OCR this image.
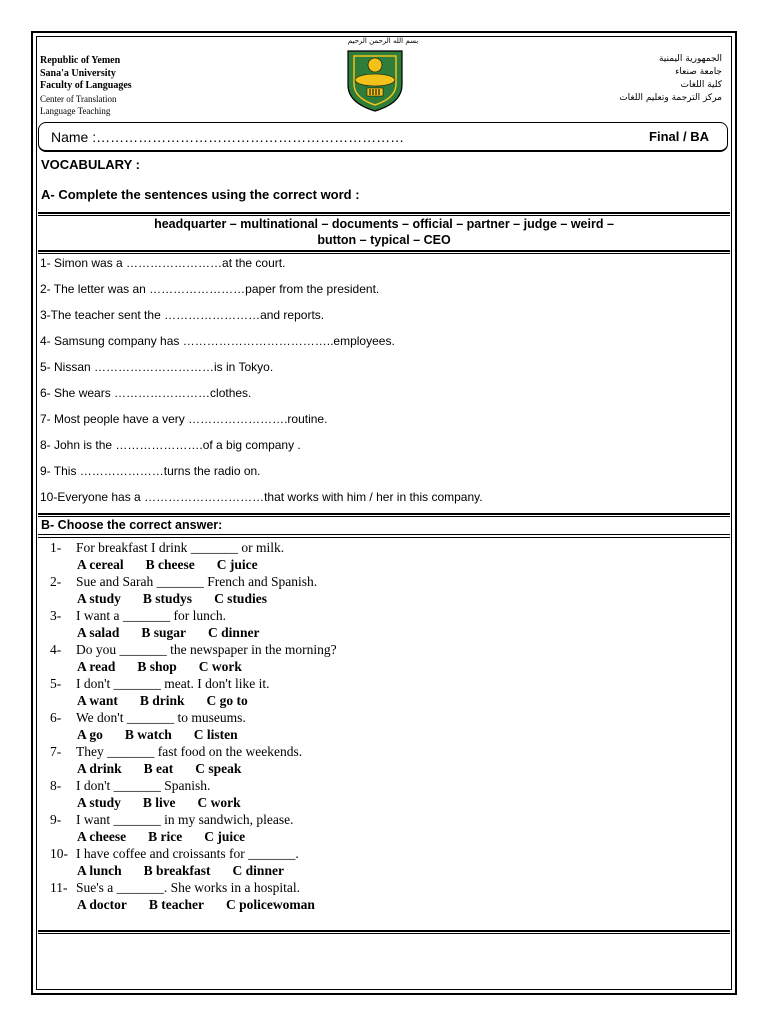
بسم الله الرحمن الرحيم
Republic of Yemen
Sana'a University
Faculty of Languages
Center of Translation
Language Teaching
الجمهورية اليمنية
جامعة صنعاء
كلية اللغات
مركز الترجمة وتعليم اللغات
Name :…………………………………………………………	Final / BA
VOCABULARY :
A- Complete the sentences using the correct word :
headquarter – multinational – documents – official – partner – judge – weird –
button – typical – CEO
1- Simon was a ……………………at the court.
2- The letter was an ……………………paper from the president.
3-The teacher sent the ……………………and reports.
4- Samsung company has ………………………………..employees.
5- Nissan …………………………is in Tokyo.
6- She wears ……………………clothes.
7- Most people have a very …………………….routine.
8- John is the ………………….of a big company .
9- This …………………turns the radio on.
10-Everyone has a …………………………that works with him / her in this company.
B- Choose the correct answer:
1-	For breakfast I drink _______ or milk.
A cereal B cheese C juice
2-	Sue and Sarah _______ French and Spanish.
A study B studys C studies
3-	I want a _______ for lunch.
A salad B sugar C dinner
4-	Do you _______ the newspaper in the morning?
A read B shop C work
5-	I don't _______ meat. I don't like it.
A want B drink C go to
6-	We don't _______ to museums.
A go B watch C listen
7-	They _______ fast food on the weekends.
A drink B eat C speak
8-	I don't _______ Spanish.
A study B live C work
9-	I want _______ in my sandwich, please.
A cheese B rice C juice
10- I have coffee and croissants for _______.
A lunch B breakfast C dinner
11- Sue's a _______. She works in a hospital.
A doctor B teacher C policewoman
